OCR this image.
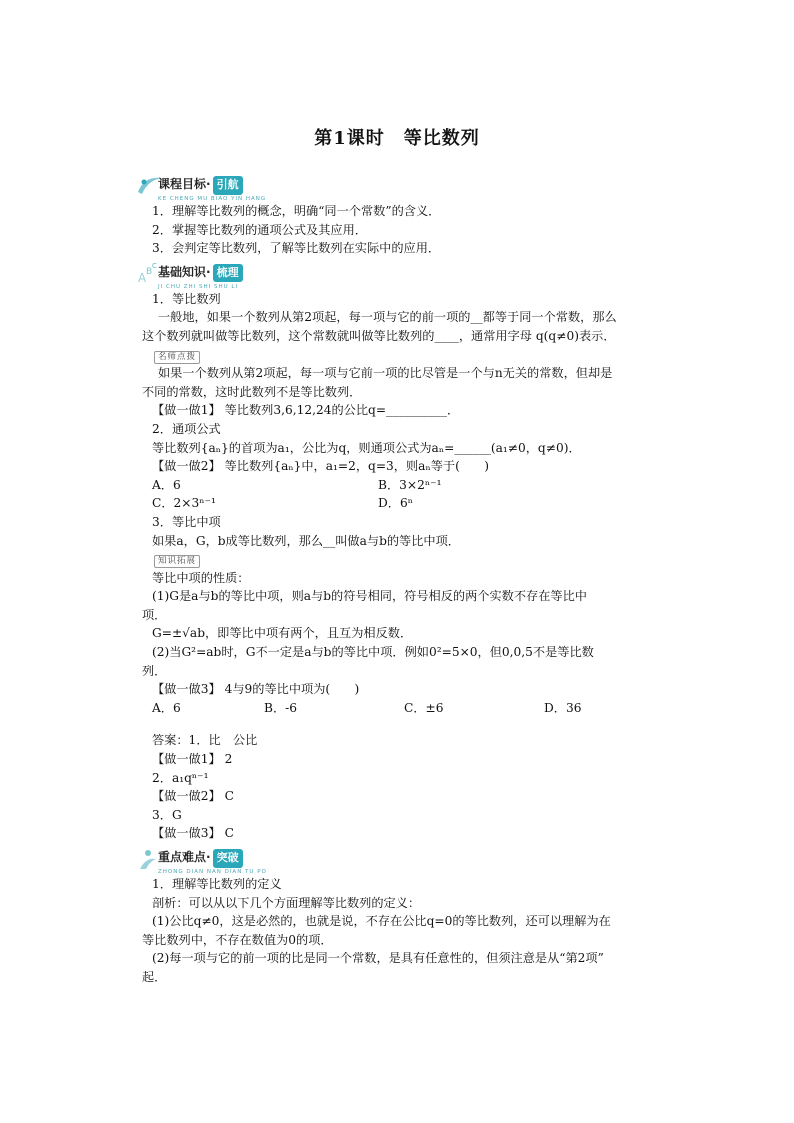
第1课时　等比数列
课程目标· 引航
KE CHENG MU BIAO YIN HANG
1．理解等比数列的概念，明确“同一个常数”的含义．
2．掌握等比数列的通项公式及其应用．
3．会判定等比数列，了解等比数列在实际中的应用．
A B
C 基础知识· 梳理
JI CHU ZHI SHI SHU LI
1．等比数列
一般地，如果一个数列从第2项起，每一项与它的前一项的__都等于同一个常数，那么
这个数列就叫做等比数列，这个常数就叫做等比数列的____，通常用字母 q(q≠0)表示．
名师点拨
如果一个数列从第2项起，每一项与它前一项的比尽管是一个与n无关的常数，但却是
不同的常数，这时此数列不是等比数列．
【做一做1】 等比数列3,6,12,24的公比q=__________．
2．通项公式
等比数列{aₙ}的首项为a₁，公比为q，则通项公式为aₙ=______(a₁≠0，q≠0)．
【做一做2】 等比数列{aₙ}中，a₁=2，q=3，则aₙ等于(　　)
A．6	B．3×2ⁿ⁻¹
C．2×3ⁿ⁻¹	D．6ⁿ
3．等比中项
如果a，G，b成等比数列，那么__叫做a与b的等比中项．
知识拓展
等比中项的性质：
(1)G是a与b的等比中项，则a与b的符号相同，符号相反的两个实数不存在等比中
项．
G=±√ab，即等比中项有两个，且互为相反数．
(2)当G²=ab时，G不一定是a与b的等比中项．例如0²=5×0，但0,0,5不是等比数
列．
【做一做3】 4与9的等比中项为(　　)
A．6	B．-6	C．±6	D．36
答案：1．比　公比
【做一做1】 2
2．a₁qⁿ⁻¹
【做一做2】 C
3．G
【做一做3】 C
重点难点· 突破
ZHONG DIAN NAN DIAN TU PO
1．理解等比数列的定义
剖析：可以从以下几个方面理解等比数列的定义：
(1)公比q≠0，这是必然的，也就是说，不存在公比q=0的等比数列，还可以理解为在
等比数列中，不存在数值为0的项．
(2)每一项与它的前一项的比是同一个常数，是具有任意性的，但须注意是从“第2项”
起．
